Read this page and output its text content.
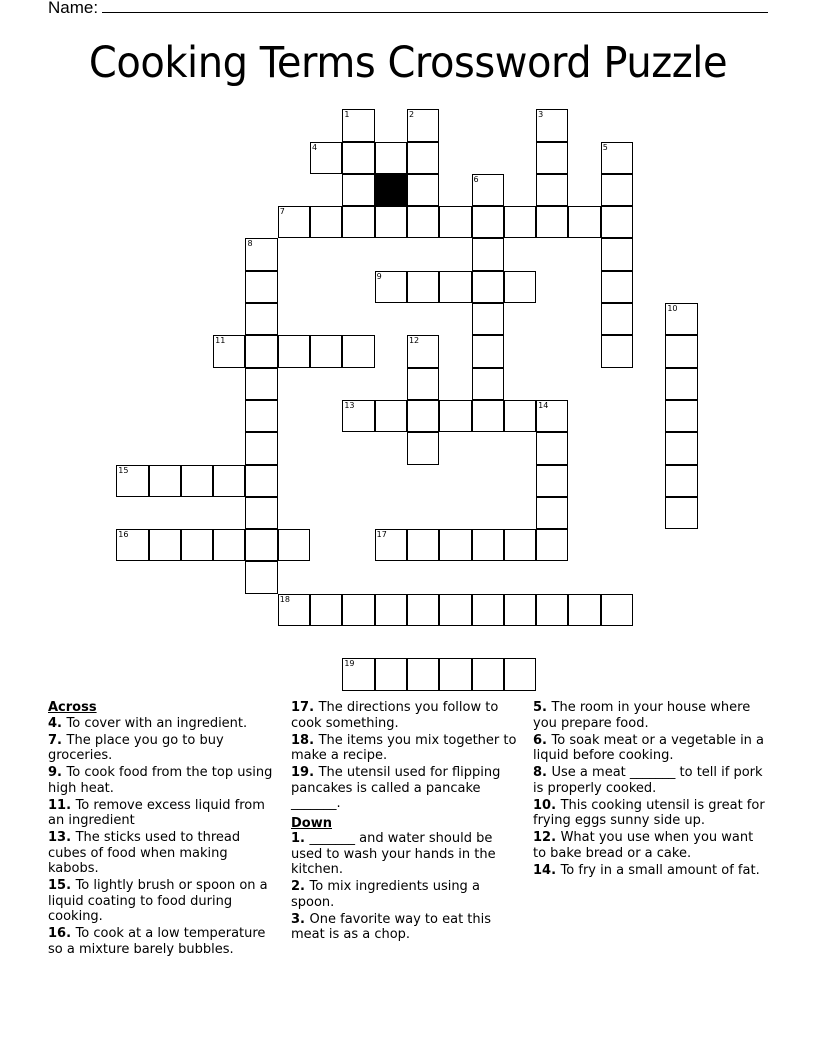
Name:
Cooking Terms Crossword Puzzle
1	2	3
4	5
6
7
8
9
10
11	12
13	14
15
16	17
18
19
Across
4. To cover with an ingredient.
7. The place you go to buy groceries.
9. To cook food from the top using high heat.
11. To remove excess liquid from an ingredient
13. The sticks used to thread cubes of food when making kabobs.
15. To lightly brush or spoon on a liquid coating to food during cooking.
16. To cook at a low temperature so a mixture barely bubbles.
17. The directions you follow to cook something.
18. The items you mix together to make a recipe.
19. The utensil used for flipping pancakes is called a pancake _______.
Down
1. _______ and water should be used to wash your hands in the kitchen.
2. To mix ingredients using a spoon.
3. One favorite way to eat this meat is as a chop.
5. The room in your house where you prepare food.
6. To soak meat or a vegetable in a liquid before cooking.
8. Use a meat _______ to tell if pork is properly cooked.
10. This cooking utensil is great for frying eggs sunny side up.
12. What you use when you want to bake bread or a cake.
14. To fry in a small amount of fat.
